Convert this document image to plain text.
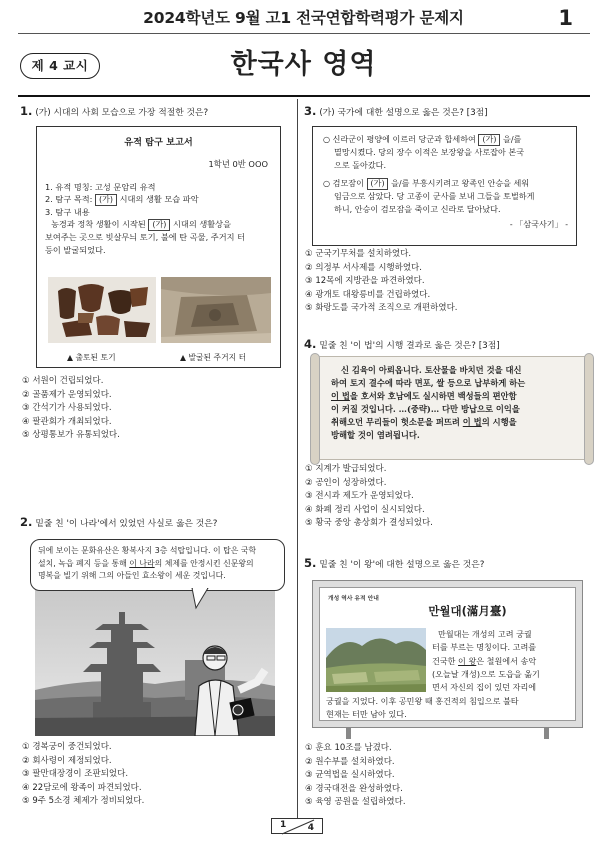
2024학년도 9월 고1 전국연합학력평가 문제지	1
제 4 교시	한국사 영역
1. (가) 시대의 사회 모습으로 가장 적절한 것은?
유적 탐구 보고서
1학년 0반 OOO
1. 유적 명칭: 고성 문암리 유적
2. 탐구 목적: (가) 시대의 생활 모습 파악
3. 탐구 내용
농경과 정착 생활이 시작된 (가) 시대의 생활상을
보여주는 곳으로 빗살무늬 토기, 불에 탄 곡물, 주거지 터
등이 발굴되었다.
▲ 출토된 토기	▲ 발굴된 주거지 터
① 서원이 건립되었다.
② 골품제가 운영되었다.
③ 간석기가 사용되었다.
④ 팔관회가 개최되었다.
⑤ 상평통보가 유통되었다.
2. 밑줄 친 '이 나라'에서 있었던 사실로 옳은 것은?
뒤에 보이는 문화유산은 황복사지 3층 석탑입니다. 이 탑은 국학
설치, 녹읍 폐지 등을 통해 이 나라의 체제를 안정시킨 신문왕의
명복을 빌기 위해 그의 아들인 효소왕이 세운 것입니다.
① 경복궁이 중건되었다.
② 회사령이 제정되었다.
③ 팔만대장경이 조판되었다.
④ 22담로에 왕족이 파견되었다.
⑤ 9주 5소경 체제가 정비되었다.
3. (가) 국가에 대한 설명으로 옳은 것은? [3점]
○ 신라군이 평양에 이르러 당군과 합세하여 (가) 을/를
멸망시켰다. 당의 장수 이적은 보장왕을 사로잡아 본국
으로 돌아갔다.
○ 검모잠이 (가) 을/를 부흥시키려고 왕족인 안승을 세워
임금으로 삼았다. 당 고종이 군사를 보내 그들을 토벌하게
하니, 안승이 검모잠을 죽이고 신라로 달아났다.
- 「삼국사기」 -
① 군국기무처를 설치하였다.
② 의정부 서사제를 시행하였다.
③ 12목에 지방관을 파견하였다.
④ 광개토 대왕릉비를 건립하였다.
⑤ 화랑도를 국가적 조직으로 개편하였다.
4. 밑줄 친 '이 법'의 시행 결과로 옳은 것은? [3점]
신 김육이 아뢰옵니다. 토산물을 바치던 것을 대신
하여 토지 결수에 따라 면포, 쌀 등으로 납부하게 하는
이 법을 호서와 호남에도 실시하면 백성들의 편안함
이 커질 것입니다. …(중략)… 다만 방납으로 이익을
취해오던 무리들이 헛소문을 퍼뜨려 이 법의 시행을
방해할 것이 염려됩니다.
① 지계가 발급되었다.
② 공인이 성장하였다.
③ 전시과 제도가 운영되었다.
④ 화폐 정리 사업이 실시되었다.
⑤ 황국 중앙 총상회가 결성되었다.
5. 밑줄 친 '이 왕'에 대한 설명으로 옳은 것은?
개성 역사 유적 안내
만월대(滿月臺)
만월대는 개성의 고려 궁궐
터를 부르는 명칭이다. 고려를
건국한 이 왕은 철원에서 송악
(오늘날 개성)으로 도읍을 옮기
면서 자신의 집이 있던 자리에
궁궐을 지었다. 이후 공민왕 때 홍건적의 침입으로 불타
현재는 터만 남아 있다.
① 훈요 10조를 남겼다.
② 원수부를 설치하였다.
③ 균역법을 실시하였다.
④ 경국대전을 완성하였다.
⑤ 육영 공원을 설립하였다.
1 4
